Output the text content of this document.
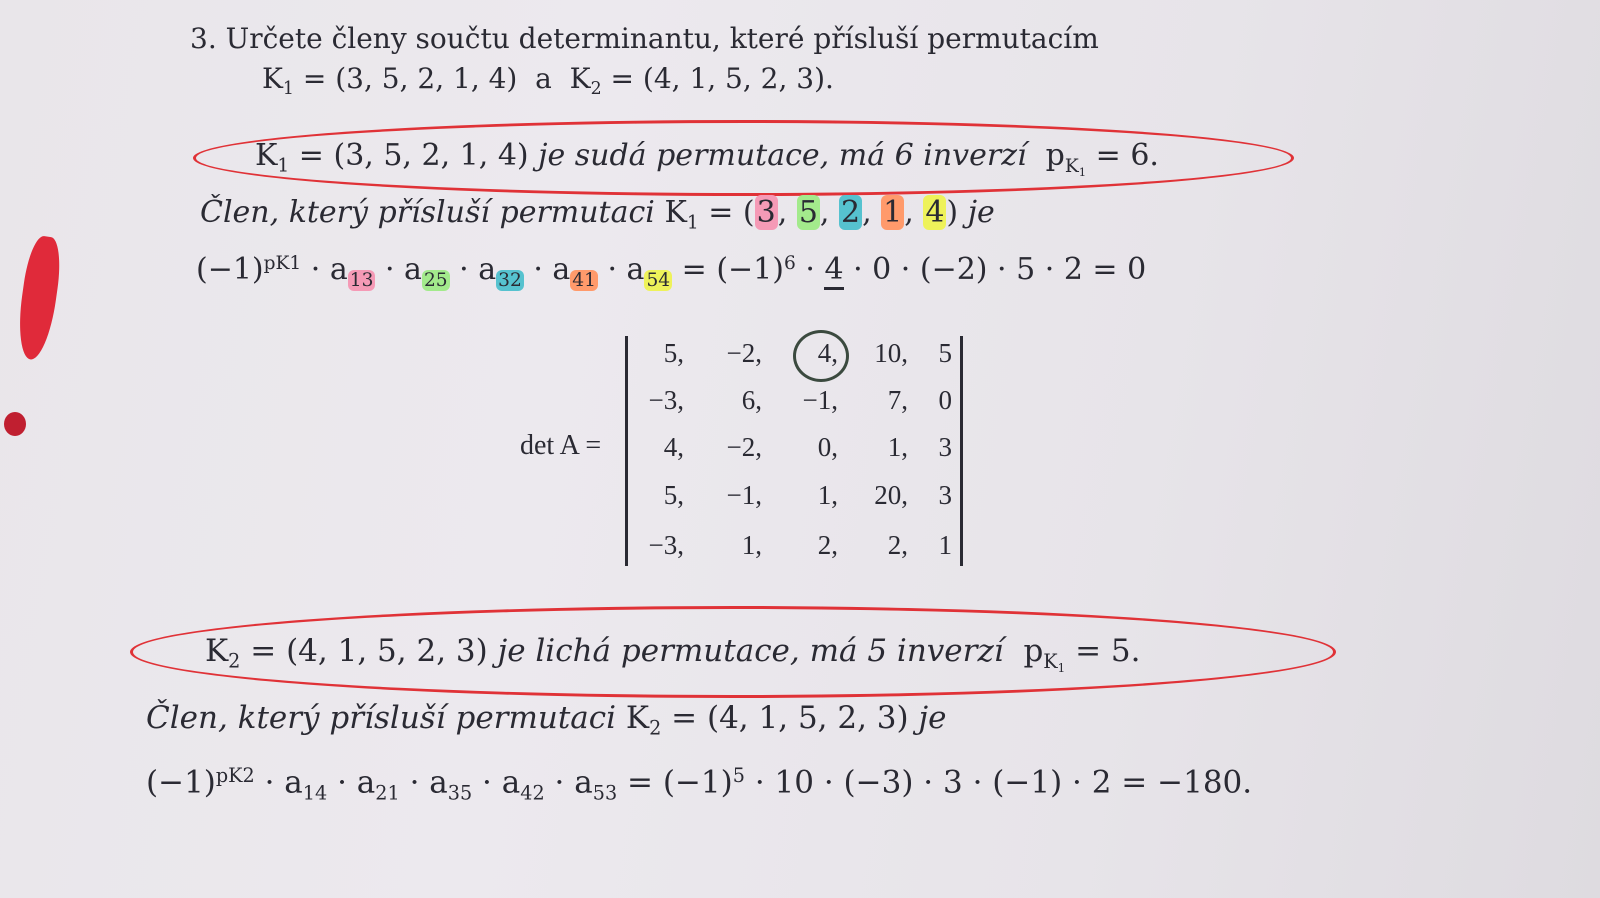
3. Určete členy součtu determinantu, které přísluší permutacím
$K_1 = (3$, 5, 2, 1, 4) a  $K_2 = (4$, 1, 5, 2, 3).
$K_1 = (3$, 5, 2, 1, 4) je sudá permutace, má 6 inverzí  $p_{K_1} = 6$.
Člen, který přísluší permutaci $K_1 = (3$, 5, 2, 1, 4) je
$(-1)^{pK1} \cdot a$ $_{13}$ · a $_{25}$ · a $_{32}$ · a $_{41}$ · a $_{54} = (-1)^6 \cdot 4 \cdot 0 \cdot (-2) \cdot 5 \cdot 2 = 0$
det A =
5,	−2,	4,	10,	5
−3,	6,	−1,	7,	0
4,	−2,	0,	1,	3
5,	−1,	1,	20,	3
−3,	1,	2,	2,	1
$K_2 = (4$, 1, 5, 2, 3) je lichá permutace, má 5 inverzí  $p_{K_1} = 5$.
Člen, který přísluší permutaci $K_2 = (4$, 1, 5, 2, 3) je
$(-1)^{pK2} \cdot a_{14} \cdot a_{21} \cdot a_{35} \cdot a_{42} \cdot a_{53} = (-1)^5 \cdot 10 \cdot (-3) \cdot 3 \cdot (-1) \cdot 2 = -180$.
